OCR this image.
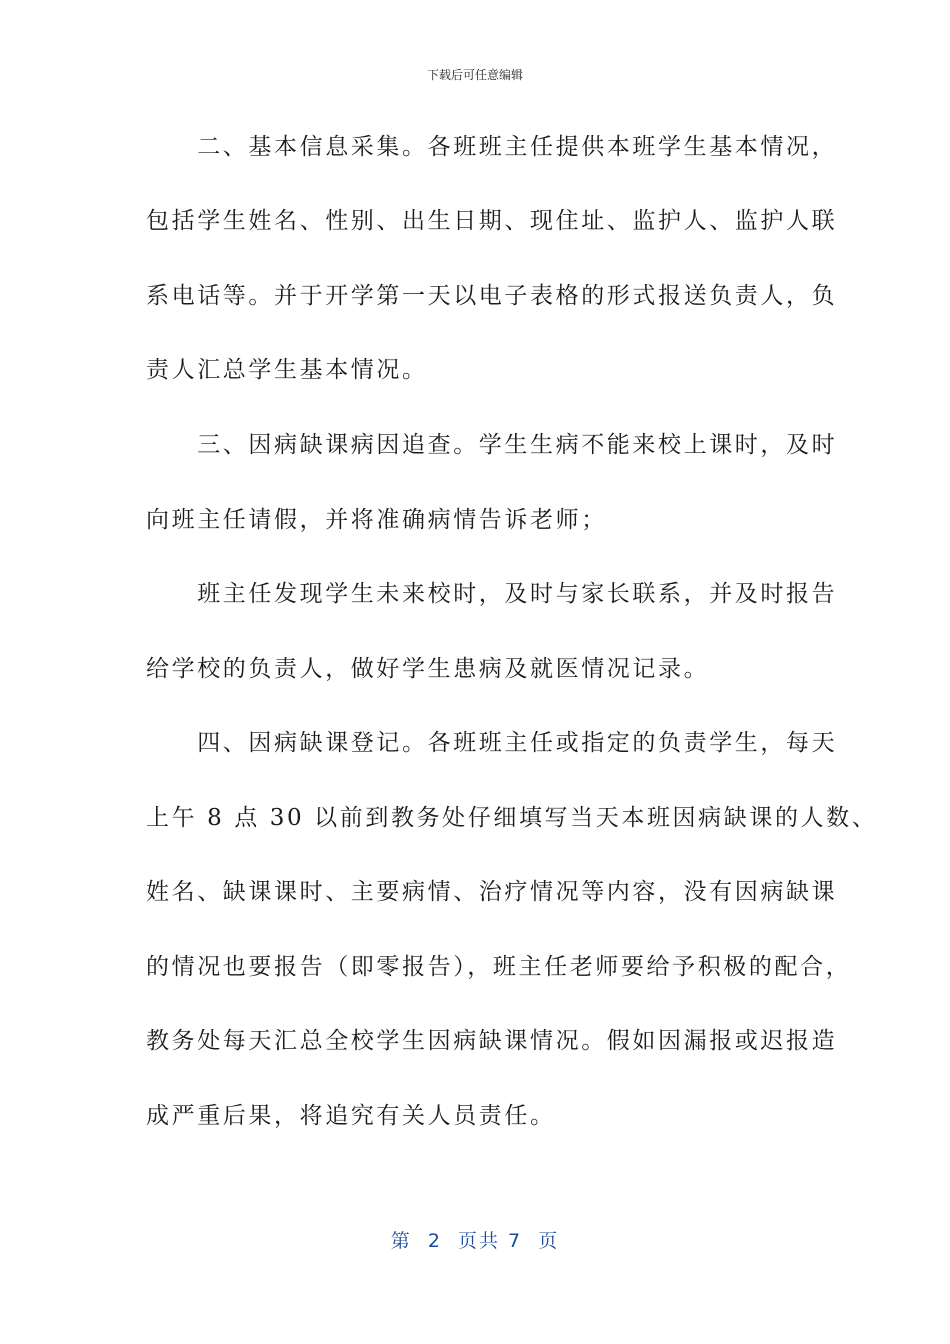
下载后可任意编辑
　　二、基本信息采集。各班班主任提供本班学生基本情况，
包括学生姓名、性别、出生日期、现住址、监护人、监护人联
系电话等。并于开学第一天以电子表格的形式报送负责人，负
责人汇总学生基本情况。
　　三、因病缺课病因追查。学生生病不能来校上课时，及时
向班主任请假，并将准确病情告诉老师；
　　班主任发现学生未来校时，及时与家长联系，并及时报告
给学校的负责人，做好学生患病及就医情况记录。
　　四、因病缺课登记。各班班主任或指定的负责学生，每天
上午 8 点 30 以前到教务处仔细填写当天本班因病缺课的人数、
姓名、缺课课时、主要病情、治疗情况等内容，没有因病缺课
的情况也要报告（即零报告），班主任老师要给予积极的配合，
教务处每天汇总全校学生因病缺课情况。假如因漏报或迟报造
成严重后果，将追究有关人员责任。
第  2  页共 7  页
